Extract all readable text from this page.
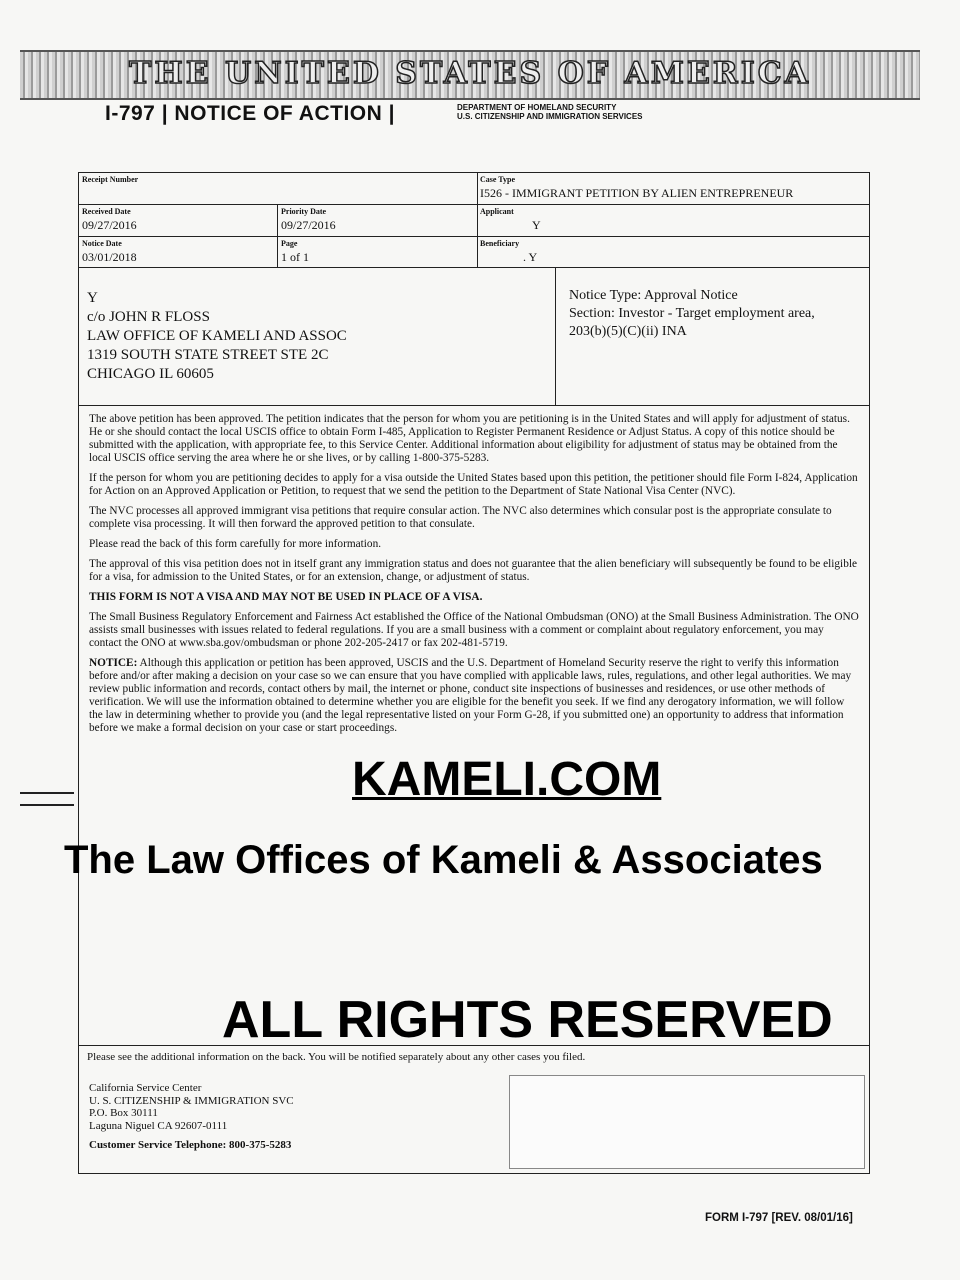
THE UNITED STATES OF AMERICA
I-797 | NOTICE OF ACTION |	DEPARTMENT OF HOMELAND SECURITY
U.S. CITIZENSHIP AND IMMIGRATION SERVICES
Receipt Number	Case Type
I526 - IMMIGRANT PETITION BY ALIEN ENTREPRENEUR
Received Date
09/27/2016
Priority Date
09/27/2016
Applicant
Y
Notice Date
03/01/2018
Page
1 of 1
Beneficiary
. Y
Y
c/o JOHN R FLOSS
LAW OFFICE OF KAMELI AND ASSOC
1319 SOUTH STATE STREET STE 2C
CHICAGO IL 60605
Notice Type: Approval Notice
Section: Investor - Target employment area,
203(b)(5)(C)(ii) INA

The above petition has been approved. The petition indicates that the person for whom you are petitioning is in the United States and will apply for adjustment of status. He or she should contact the local USCIS office to obtain Form I-485, Application to Register Permanent Residence or Adjust Status. A copy of this notice should be submitted with the application, with appropriate fee, to this Service Center. Additional information about eligibility for adjustment of status may be obtained from the local USCIS office serving the area where he or she lives, or by calling 1-800-375-5283.

If the person for whom you are petitioning decides to apply for a visa outside the United States based upon this petition, the petitioner should file Form I-824, Application for Action on an Approved Application or Petition, to request that we send the petition to the Department of State National Visa Center (NVC).

The NVC processes all approved immigrant visa petitions that require consular action. The NVC also determines which consular post is the appropriate consulate to complete visa processing. It will then forward the approved petition to that consulate.

Please read the back of this form carefully for more information.

The approval of this visa petition does not in itself grant any immigration status and does not guarantee that the alien beneficiary will subsequently be found to be eligible for a visa, for admission to the United States, or for an extension, change, or adjustment of status.

THIS FORM IS NOT A VISA AND MAY NOT BE USED IN PLACE OF A VISA.

The Small Business Regulatory Enforcement and Fairness Act established the Office of the National Ombudsman (ONO) at the Small Business Administration. The ONO assists small businesses with issues related to federal regulations. If you are a small business with a comment or complaint about regulatory enforcement, you may contact the ONO at www.sba.gov/ombudsman or phone 202-205-2417 or fax 202-481-5719.

NOTICE: Although this application or petition has been approved, USCIS and the U.S. Department of Homeland Security reserve the right to verify this information before and/or after making a decision on your case so we can ensure that you have complied with applicable laws, rules, regulations, and other legal authorities. We may review public information and records, contact others by mail, the internet or phone, conduct site inspections of businesses and residences, or use other methods of verification. We will use the information obtained to determine whether you are eligible for the benefit you seek. If we find any derogatory information, we will follow the law in determining whether to provide you (and the legal representative listed on your Form G-28, if you submitted one) an opportunity to address that information before we make a formal decision on your case or start proceedings.

Please see the additional information on the back. You will be notified separately about any other cases you filed.
California Service Center
U. S. CITIZENSHIP & IMMIGRATION SVC
P.O. Box 30111
Laguna Niguel CA 92607-0111
Customer Service Telephone: 800-375-5283
KAMELI.COM
The Law Offices of Kameli & Associates
ALL RIGHTS RESERVED
FORM I-797 [REV. 08/01/16]
